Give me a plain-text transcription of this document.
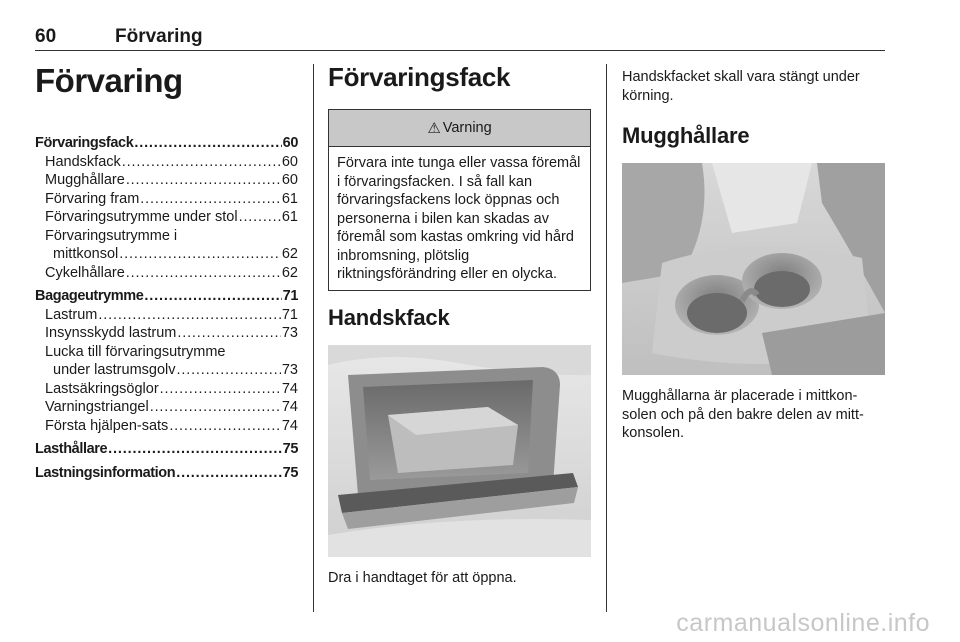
60	Förvaring
Förvaring
Förvaringsfack . . .	60
Handskfack . . .	60
Mugghållare . . .	60
Förvaring fram . . .	61
Förvaringsutrymme under stol . . .	61
Förvaringsutrymme i
mittkonsol . . .	62
Cykelhållare . . .	62
Bagageutrymme . . .	71
Lastrum . . .	71
Insynsskydd lastrum . . .	73
Lucka till förvaringsutrymme
under lastrumsgolv . . .	73
Lastsäkringsöglor . . .	74
Varningstriangel . . .	74
Första hjälpen-sats . . .	74
Lasthållare . . .	75
Lastningsinformation . . .	75
Förvaringsfack
⚠ Varning
Förvara inte tunga eller vassa föremål i förvaringsfacken. I så fall kan förvaringsfackens lock öppnas och personerna i bilen kan skadas av föremål som kastas omkring vid hård inbromsning, plötslig riktningsförändring eller en olycka.
Handskfack
Dra i handtaget för att öppna.
Handskfacket skall vara stängt under körning.
Mugghållare
Mugghållarna är placerade i mittkon-solen och på den bakre delen av mitt-konsolen.
carmanualsonline.info
